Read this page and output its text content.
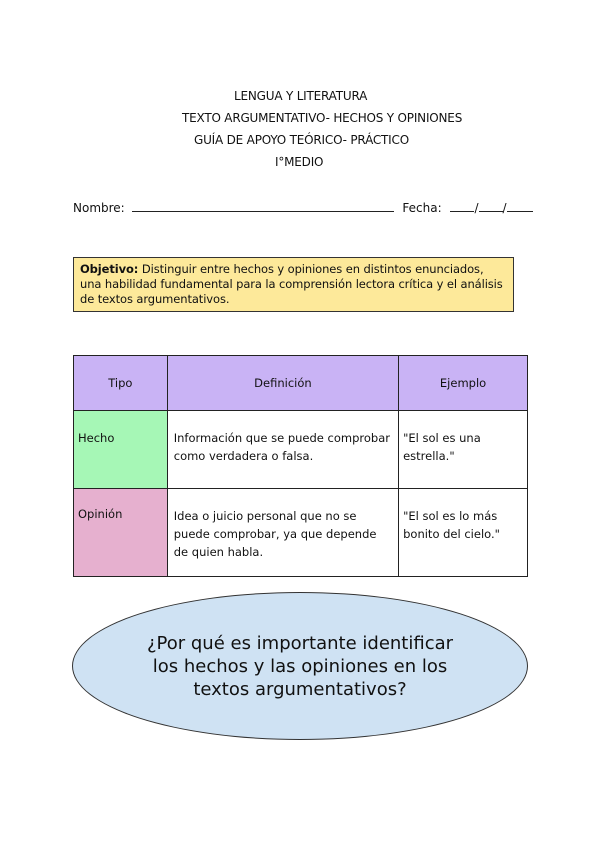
LENGUA Y LITERATURA
TEXTO ARGUMENTATIVO- HECHOS Y OPINIONES
GUÍA DE APOYO TEÓRICO- PRÁCTICO
I°MEDIO
Nombre:	Fecha:	/ /
Objetivo: Distinguir entre hechos y opiniones en distintos enunciados, una habilidad fundamental para la comprensión lectora crítica y el análisis de textos argumentativos.
Tipo	Definición	Ejemplo
Hecho	Información que se puede comprobar como verdadera o falsa.	"El sol es una estrella."
Opinión	Idea o juicio personal que no se puede comprobar, ya que depende de quien habla.	"El sol es lo más bonito del cielo."
¿Por qué es importante identificar los hechos y las opiniones en los textos argumentativos?
